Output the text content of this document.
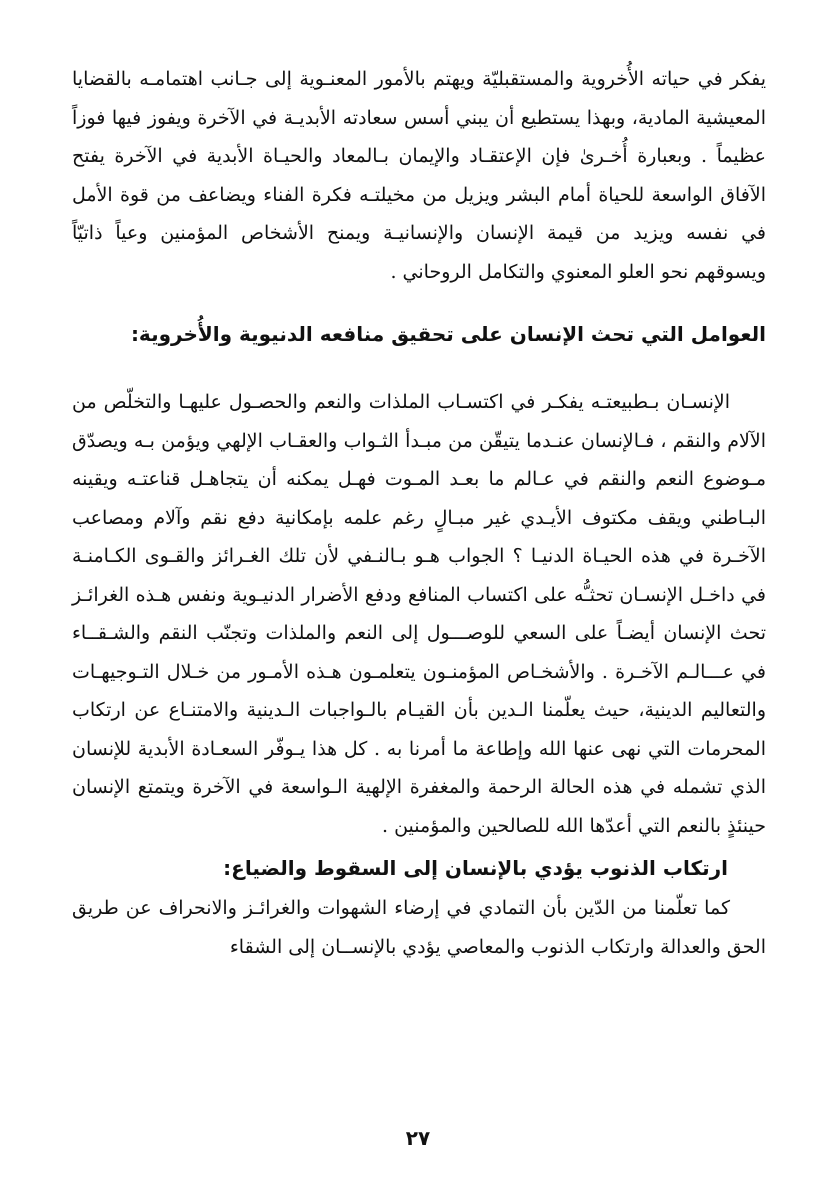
يفكر في حياته الأُخروية والمستقبليّة ويهتم بالأمور المعنـوية إلى جـانب اهتمامـه بالقضايا المعيشية المادية، وبهذا يستطيع أن يبني أسس سعادته الأبديـة في الآخرة ويفوز فيها فوزاً عظيماً . وبعبارة أُخـرىٰ فإن الإعتقـاد والإيمان بـالمعاد والحيـاة الأبدية في الآخرة يفتح الآفاق الواسعة للحياة أمام البشر ويزيل من مخيلتـه فكرة الفناء ويضاعف من قوة الأمل في نفسه ويزيد من قيمة الإنسان والإنسانيـة ويمنح الأشخاص المؤمنين وعياً ذاتيّاً ويسوقهم نحو العلو المعنوي والتكامل الروحاني .

العوامل التي تحث الإنسان على تحقيق منافعه الدنيوية والأُخروية:

الإنسـان بـطبيعتـه يفكـر في اكتسـاب الملذات والنعم والحصـول عليهـا والتخلّص من الآلام والنقم ، فـالإنسان عنـدما يتيقّن من مبـدأ الثـواب والعقـاب الإلهي ويؤمن بـه ويصدّق مـوضوع النعم والنقم في عـالم ما بعـد المـوت فهـل يمكنه أن يتجاهـل قناعتـه ويقينه البـاطني ويقف مكتوف الأيـدي غير مبـالٍ رغم علمه بإمكانية دفع نقم وآلام ومصاعب الآخـرة في هذه الحيـاة الدنيـا ؟ الجواب هـو بـالنـفي لأن تلك الغـرائز والقـوى الكـامنـة في داخـل الإنسـان تحثـُّه على اكتساب المنافع ودفع الأضرار الدنيـوية ونفس هـذه الغرائـز تحث الإنسان أيضـاً على السعي للوصـــول إلى النعم والملذات وتجنّب النقم والشـقــاء في عـــالـم الآخـرة . والأشخـاص المؤمنـون يتعلمـون هـذه الأمـور من خـلال التـوجيهـات والتعاليم الدينية، حيث يعلّمنا الـدين بأن القيـام بالـواجبات الـدينية والامتنـاع عن ارتكاب المحرمات التي نهى عنها الله وإطاعة ما أمرنا به . كل هذا يـوفّر السعـادة الأبدية للإنسان الذي تشمله في هذه الحالة الرحمة والمغفرة الإلهية الـواسعة في الآخرة ويتمتع الإنسان حينئذٍ بالنعم التي أعدّها الله للصالحين والمؤمنين .

ارتكاب الذنوب يؤدي بالإنسان إلى السقوط والضياع:

كما تعلّمنا من الدّين بأن التمادي في إرضاء الشهوات والغرائـز والانحراف عن طريق الحق والعدالة وارتكاب الذنوب والمعاصي يؤدي بالإنســان إلى الشقاء

٢٧
